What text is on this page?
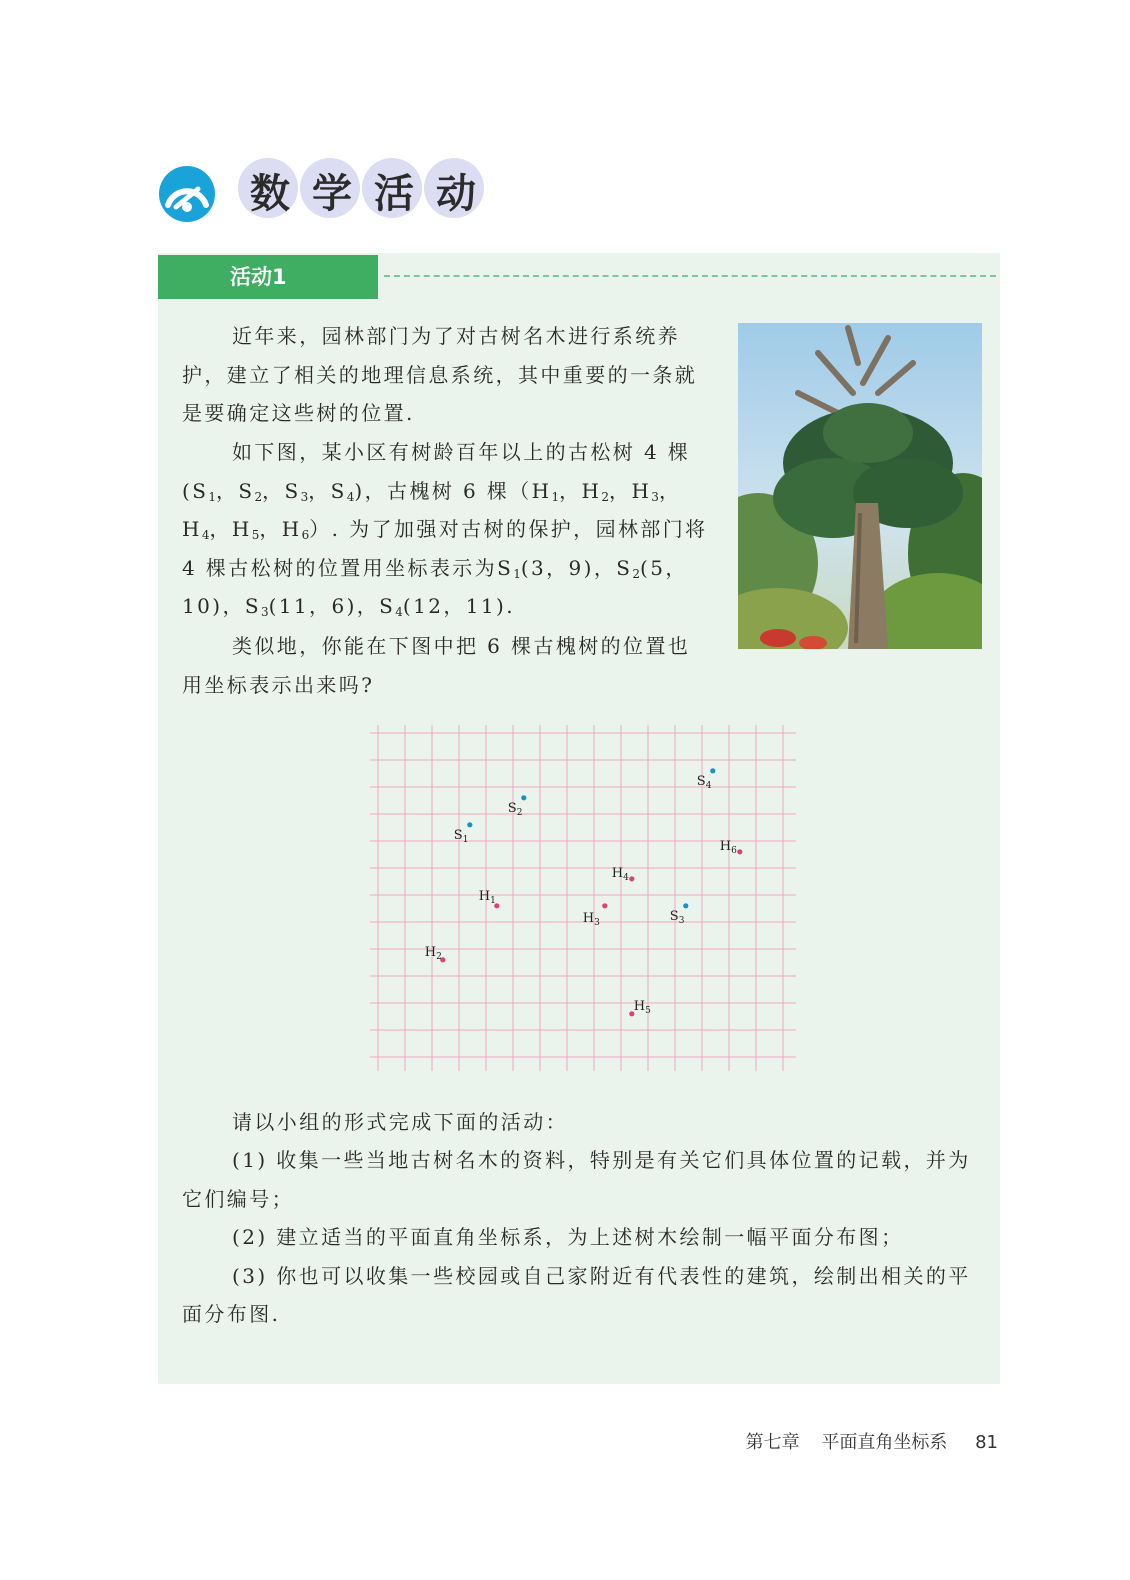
数学活动
活动1

近年来，园林部门为了对古树名木进行系统养护，建立了相关的地理信息系统，其中重要的一条就是要确定这些树的位置.

如下图，某小区有树龄百年以上的古松树 4 棵 ($S_1$，$S_2$，$S_3$，$S_4$)，古槐树 6 棵（$H_1$，$H_2$，$H_3$，$H_4$，$H_5$，$H_6$）. 为了加强对古树的保护，园林部门将 4 棵古松树的位置用坐标表示为$S_1(3$，9)，$S_2(5$，10)，$S_3(11$，6)，$S_4(12$，11).

类似地，你能在下图中把 6 棵古槐树的位置也用坐标表示出来吗?

请以小组的形式完成下面的活动：

(1) 收集一些当地古树名木的资料，特别是有关它们具体位置的记载，并为它们编号；
(2) 建立适当的平面直角坐标系，为上述树木绘制一幅平面分布图；
(3) 你也可以收集一些校园或自己家附近有代表性的建筑，绘制出相关的平面分布图.
$S_1$
$S_2$
$S_3$
$S_4$
$H_1$
$H_2$
$H_3$
$H_4$
$H_5$
$H_6$
第七章 平面直角坐标系 81
